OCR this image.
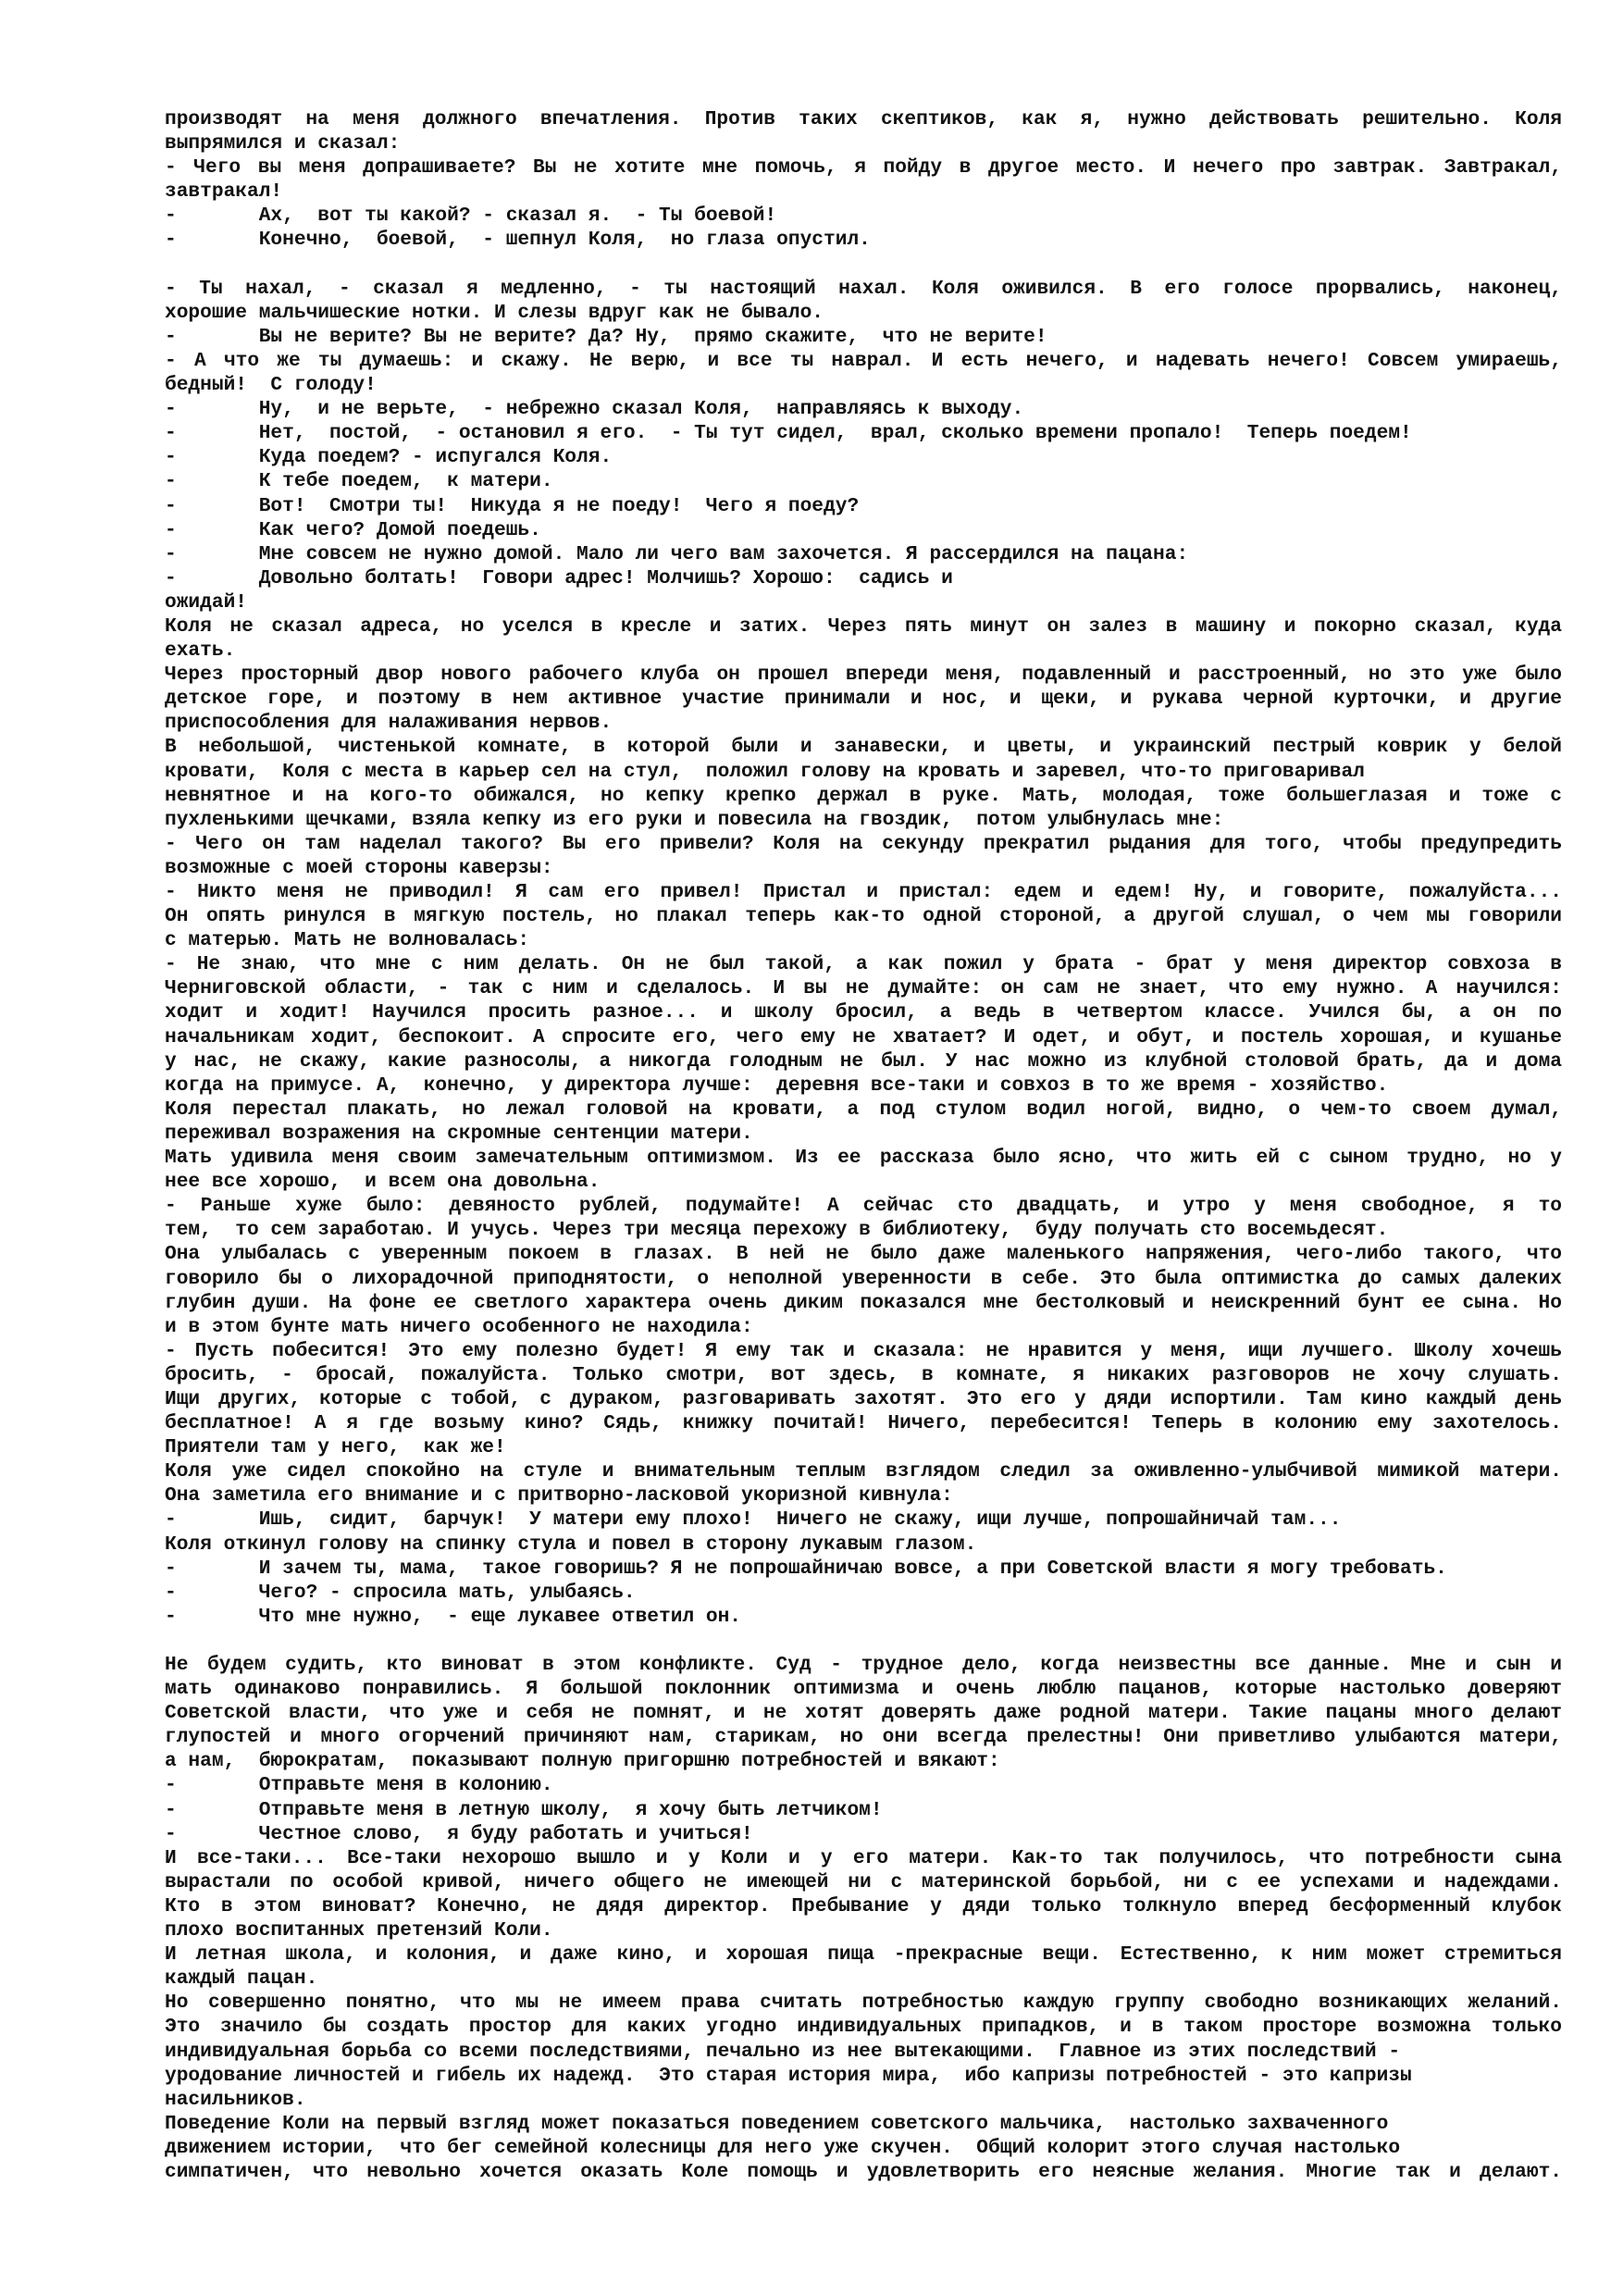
производят на меня должного впечатления. Против таких скептиков, как я, нужно действовать решительно. Коля
выпрямился и сказал:
- Чего вы меня допрашиваете? Вы не хотите мне помочь, я пойду в другое место. И нечего про завтрак. Завтракал,
завтракал!
-       Ах,  вот ты какой? - сказал я.  - Ты боевой!
-       Конечно,  боевой,  - шепнул Коля,  но глаза опустил.
- Ты нахал, - сказал я медленно, - ты настоящий нахал. Коля оживился. В его голосе прорвались, наконец,
хорошие мальчишеские нотки. И слезы вдруг как не бывало.
-       Вы не верите? Вы не верите? Да? Ну,  прямо скажите,  что не верите!
- А что же ты думаешь: и скажу. Не верю, и все ты наврал. И есть нечего, и надевать нечего! Совсем умираешь,
бедный!  С голоду!
-       Ну,  и не верьте,  - небрежно сказал Коля,  направляясь к выходу.
-       Нет,  постой,  - остановил я его.  - Ты тут сидел,  врал, сколько времени пропало!  Теперь поедем!
-       Куда поедем? - испугался Коля.
-       К тебе поедем,  к матери.
-       Вот!  Смотри ты!  Никуда я не поеду!  Чего я поеду?
-       Как чего? Домой поедешь.
-       Мне совсем не нужно домой. Мало ли чего вам захочется. Я рассердился на пацана:
-       Довольно болтать!  Говори адрес! Молчишь? Хорошо:  садись и
ожидай!
Коля не сказал адреса, но уселся в кресле и затих. Через пять минут он залез в машину и покорно сказал, куда
ехать.
Через просторный двор нового рабочего клуба он прошел впереди меня, подавленный и расстроенный, но это уже было
детское горе, и поэтому в нем активное участие принимали и нос, и щеки, и рукава черной курточки, и другие
приспособления для налаживания нервов.
В небольшой, чистенькой комнате, в которой были и занавески, и цветы, и украинский пестрый коврик у белой
кровати,  Коля с места в карьер сел на стул,  положил голову на кровать и заревел, что-то приговаривал
невнятное и на кого-то обижался, но кепку крепко держал в руке. Мать, молодая, тоже большеглазая и тоже с
пухленькими щечками, взяла кепку из его руки и повесила на гвоздик,  потом улыбнулась мне:
- Чего он там наделал такого? Вы его привели? Коля на секунду прекратил рыдания для того, чтобы предупредить
возможные с моей стороны каверзы:
- Никто меня не приводил! Я сам его привел! Пристал и пристал: едем и едем! Ну, и говорите, пожалуйста...
Он опять ринулся в мягкую постель, но плакал теперь как-то одной стороной, а другой слушал, о чем мы говорили
с матерью. Мать не волновалась:
- Не знаю, что мне с ним делать. Он не был такой, а как пожил у брата - брат у меня директор совхоза в
Черниговской области, - так с ним и сделалось. И вы не думайте: он сам не знает, что ему нужно. А научился:
ходит и ходит! Научился просить разное... и школу бросил, а ведь в четвертом классе. Учился бы, а он по
начальникам ходит, беспокоит. А спросите его, чего ему не хватает? И одет, и обут, и постель хорошая, и кушанье
у нас, не скажу, какие разносолы, а никогда голодным не был. У нас можно из клубной столовой брать, да и дома
когда на примусе. А,  конечно,  у директора лучше:  деревня все-таки и совхоз в то же время - хозяйство.
Коля перестал плакать, но лежал головой на кровати, а под стулом водил ногой, видно, о чем-то своем думал,
переживал возражения на скромные сентенции матери.
Мать удивила меня своим замечательным оптимизмом. Из ее рассказа было ясно, что жить ей с сыном трудно, но у
нее все хорошо,  и всем она довольна.
- Раньше хуже было: девяносто рублей, подумайте! А сейчас сто двадцать, и утро у меня свободное, я то
тем,  то сем заработаю. И учусь. Через три месяца перехожу в библиотеку,  буду получать сто восемьдесят.
Она улыбалась с уверенным покоем в глазах. В ней не было даже маленького напряжения, чего-либо такого, что
говорило бы о лихорадочной приподнятости, о неполной уверенности в себе. Это была оптимистка до самых далеких
глубин души. На фоне ее светлого характера очень диким показался мне бестолковый и неискренний бунт ее сына. Но
и в этом бунте мать ничего особенного не находила:
- Пусть побесится! Это ему полезно будет! Я ему так и сказала: не нравится у меня, ищи лучшего. Школу хочешь
бросить, - бросай, пожалуйста. Только смотри, вот здесь, в комнате, я никаких разговоров не хочу слушать.
Ищи других, которые с тобой, с дураком, разговаривать захотят. Это его у дяди испортили. Там кино каждый день
бесплатное! А я где возьму кино? Сядь, книжку почитай! Ничего, перебесится! Теперь в колонию ему захотелось.
Приятели там у него,  как же!
Коля уже сидел спокойно на стуле и внимательным теплым взглядом следил за оживленно-улыбчивой мимикой матери.
Она заметила его внимание и с притворно-ласковой укоризной кивнула:
-       Ишь,  сидит,  барчук!  У матери ему плохо!  Ничего не скажу, ищи лучше, попрошайничай там...
Коля откинул голову на спинку стула и повел в сторону лукавым глазом.
-       И зачем ты, мама,  такое говоришь? Я не попрошайничаю вовсе, а при Советской власти я могу требовать.
-       Чего? - спросила мать, улыбаясь.
-       Что мне нужно,  - еще лукавее ответил он.
Не будем судить, кто виноват в этом конфликте. Суд - трудное дело, когда неизвестны все данные. Мне и сын и
мать одинаково понравились. Я большой поклонник оптимизма и очень люблю пацанов, которые настолько доверяют
Советской власти, что уже и себя не помнят, и не хотят доверять даже родной матери. Такие пацаны много делают
глупостей и много огорчений причиняют нам, старикам, но они всегда прелестны! Они приветливо улыбаются матери,
а нам,  бюрократам,  показывают полную пригоршню потребностей и вякают:
-       Отправьте меня в колонию.
-       Отправьте меня в летную школу,  я хочу быть летчиком!
-       Честное слово,  я буду работать и учиться!
И все-таки... Все-таки нехорошо вышло и у Коли и у его матери. Как-то так получилось, что потребности сына
вырастали по особой кривой, ничего общего не имеющей ни с материнской борьбой, ни с ее успехами и надеждами.
Кто в этом виноват? Конечно, не дядя директор. Пребывание у дяди только толкнуло вперед бесформенный клубок
плохо воспитанных претензий Коли.
И летная школа, и колония, и даже кино, и хорошая пища -прекрасные вещи. Естественно, к ним может стремиться
каждый пацан.
Но совершенно понятно, что мы не имеем права считать потребностью каждую группу свободно возникающих желаний.
Это значило бы создать простор для каких угодно индивидуальных припадков, и в таком просторе возможна только
индивидуальная борьба со всеми последствиями, печально из нее вытекающими.  Главное из этих последствий -
уродование личностей и гибель их надежд.  Это старая история мира,  ибо капризы потребностей - это капризы
насильников.
Поведение Коли на первый взгляд может показаться поведением советского мальчика,  настолько захваченного
движением истории,  что бег семейной колесницы для него уже скучен.  Общий колорит этого случая настолько
симпатичен, что невольно хочется оказать Коле помощь и удовлетворить его неясные желания. Многие так и делают.
